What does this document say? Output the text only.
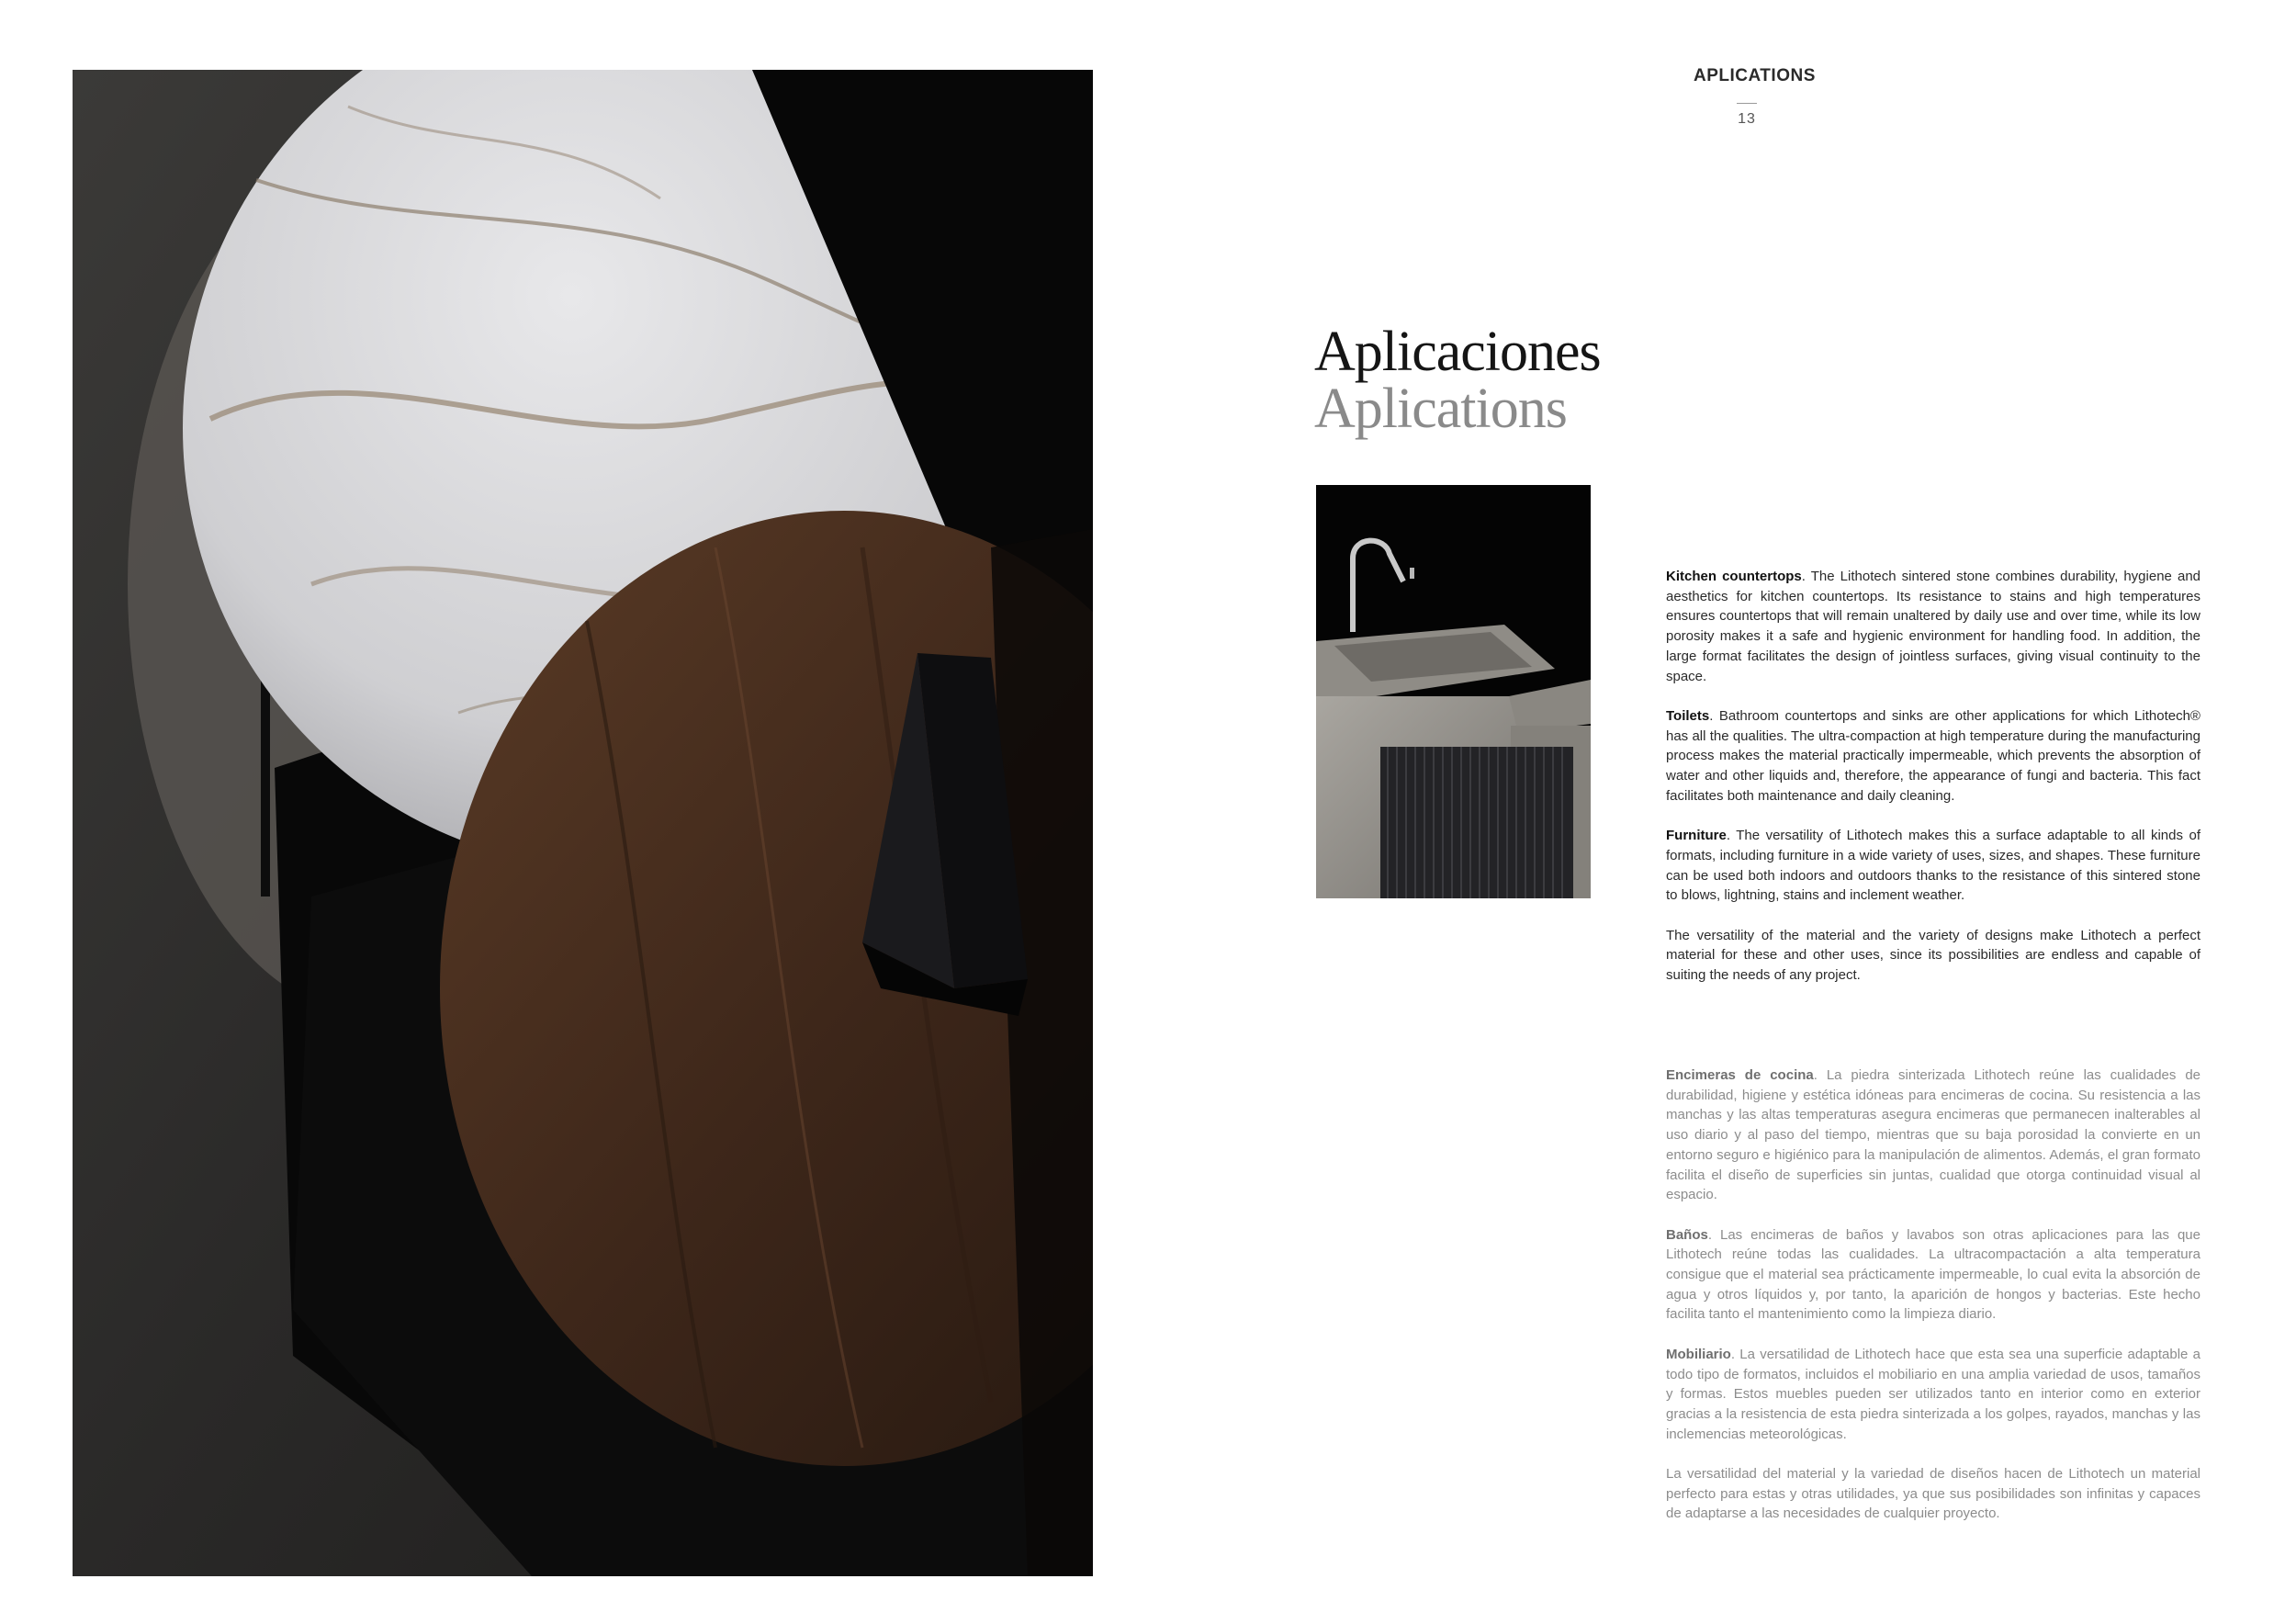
APLICATIONS
13
Aplicaciones
Aplications

Kitchen countertops. The Lithotech sintered stone combines durability, hygiene and aesthetics for kitchen countertops. Its resistance to stains and high temperatures ensures countertops that will remain unaltered by daily use and over time, while its low porosity makes it a safe and hygienic environment for handling food. In addition, the large format facilitates the design of jointless surfaces, giving visual continuity to the space.

Toilets. Bathroom countertops and sinks are other applications for which Lithotech® has all the qualities. The ultra-compaction at high temperature during the manufacturing process makes the material practically impermeable, which prevents the absorption of water and other liquids and, therefore, the appearance of fungi and bacteria. This fact facilitates both maintenance and daily cleaning.

Furniture. The versatility of Lithotech makes this a surface adaptable to all kinds of formats, including furniture in a wide variety of uses, sizes, and shapes. These furniture can be used both indoors and outdoors thanks to the resistance of this sintered stone to blows, lightning, stains and inclement weather.

The versatility of the material and the variety of designs make Lithotech a perfect material for these and other uses, since its possibilities are endless and capable of suiting the needs of any project.

Encimeras de cocina. La piedra sinterizada Lithotech reúne las cualidades de durabilidad, higiene y estética idóneas para encimeras de cocina. Su resistencia a las manchas y las altas temperaturas asegura encimeras que permanecen inalterables al uso diario y al paso del tiempo, mientras que su baja porosidad la convierte en un entorno seguro e higiénico para la manipulación de alimentos. Además, el gran formato facilita el diseño de superficies sin juntas, cualidad que otorga continuidad visual al espacio.

Baños. Las encimeras de baños y lavabos son otras aplicaciones para las que Lithotech reúne todas las cualidades. La ultracompactación a alta temperatura consigue que el material sea prácticamente impermeable, lo cual evita la absorción de agua y otros líquidos y, por tanto, la aparición de hongos y bacterias. Este hecho facilita tanto el mantenimiento como la limpieza diario.

Mobiliario. La versatilidad de Lithotech hace que esta sea una superficie adaptable a todo tipo de formatos, incluidos el mobiliario en una amplia variedad de usos, tamaños y formas. Estos muebles pueden ser utilizados tanto en interior como en exterior gracias a la resistencia de esta piedra sinterizada a los golpes, rayados, manchas y las inclemencias meteorológicas.

La versatilidad del material y la variedad de diseños hacen de Lithotech un material perfecto para estas y otras utilidades, ya que sus posibilidades son infinitas y capaces de adaptarse a las necesidades de cualquier proyecto.
